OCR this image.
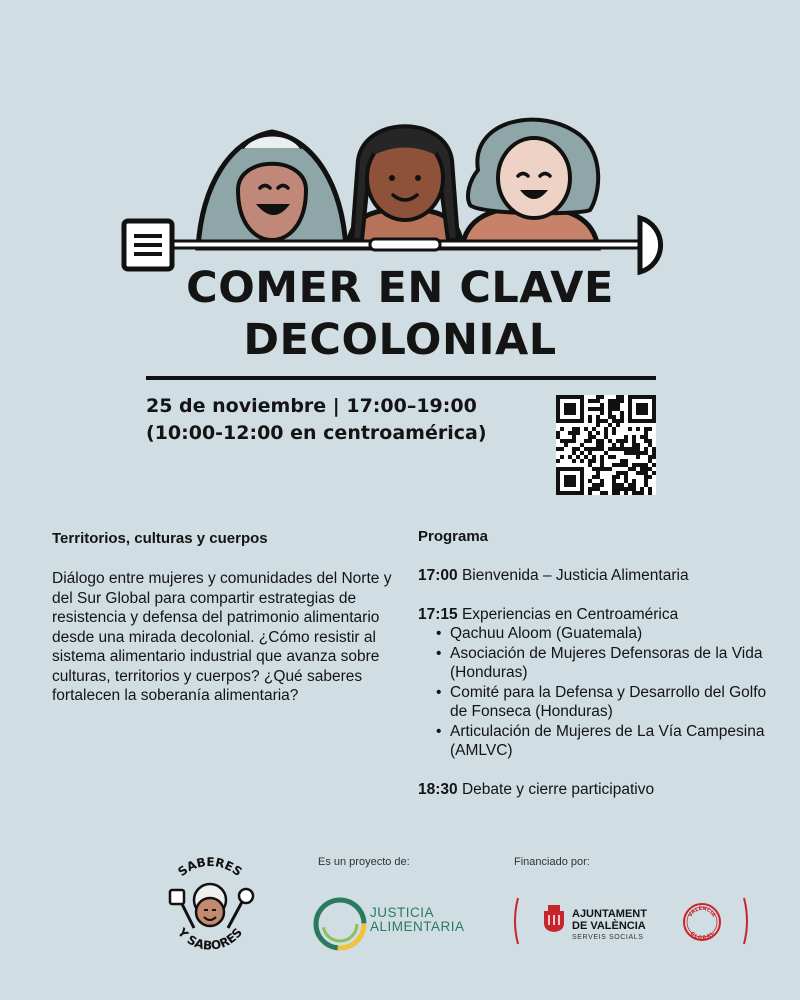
COMER EN CLAVE
DECOLONIAL
25 de noviembre | 17:00–19:00
(10:00-12:00 en centroamérica)
Territorios, culturas y cuerpos

Diálogo entre mujeres y comunidades del Norte y del Sur Global para compartir estrategias de resistencia y defensa del patrimonio alimentario desde una mirada decolonial. ¿Cómo resistir al sistema alimentario industrial que avanza sobre culturas, territorios y cuerpos? ¿Qué saberes fortalecen la soberanía alimentaria?

Programa
17:00 Bienvenida – Justicia Alimentaria
17:15 Experiencias en Centroamérica
• Qachuu Aloom (Guatemala)
• Asociación de Mujeres Defensoras de la Vida (Honduras)
• Comité para la Defensa y Desarrollo del Golfo de Fonseca (Honduras)
• Articulación de Mujeres de La Vía Campesina (AMLVC)
18:30 Debate y cierre participativo
SABERES
Y SABORES
Es un proyecto de:
JUSTICIA
ALIMENTARIA
Financiado por:
AJUNTAMENT
DE VALÈNCIA
SERVEIS SOCIALS
VALÈNCIA
GLOBAL
